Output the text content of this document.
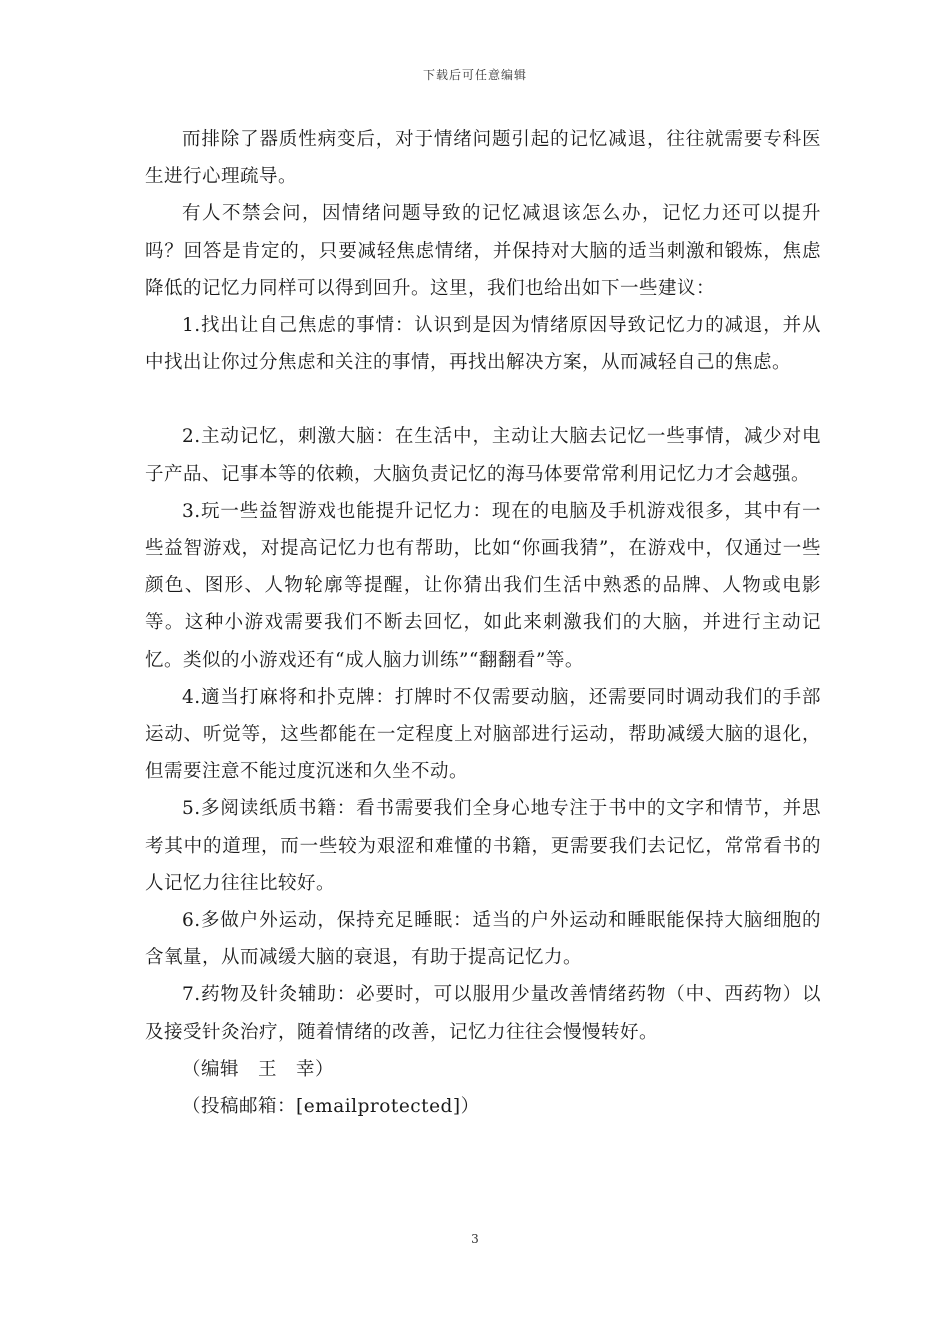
下载后可任意编辑

而排除了器质性病变后，对于情绪问题引起的记忆减退，往往就需要专科医生进行心理疏导。

有人不禁会问，因情绪问题导致的记忆减退该怎么办，记忆力还可以提升吗？回答是肯定的，只要减轻焦虑情绪，并保持对大脑的适当刺激和锻炼，焦虑降低的记忆力同样可以得到回升。这里，我们也给出如下一些建议：

1.找出让自己焦虑的事情：认识到是因为情绪原因导致记忆力的减退，并从中找出让你过分焦虑和关注的事情，再找出解决方案，从而减轻自己的焦虑。

2.主动记忆，刺激大脑：在生活中，主动让大脑去记忆一些事情，减少对电子产品、记事本等的依赖，大脑负责记忆的海马体要常常利用记忆力才会越强。

3.玩一些益智游戏也能提升记忆力：现在的电脑及手机游戏很多，其中有一些益智游戏，对提高记忆力也有帮助，比如“你画我猜”，在游戏中，仅通过一些颜色、图形、人物轮廓等提醒，让你猜出我们生活中熟悉的品牌、人物或电影等。这种小游戏需要我们不断去回忆，如此来刺激我们的大脑，并进行主动记忆。类似的小游戏还有“成人脑力训练”“翻翻看”等。

4.適当打麻将和扑克牌：打牌时不仅需要动脑，还需要同时调动我们的手部运动、听觉等，这些都能在一定程度上对脑部进行运动，帮助减缓大脑的退化，但需要注意不能过度沉迷和久坐不动。

5.多阅读纸质书籍：看书需要我们全身心地专注于书中的文字和情节，并思考其中的道理，而一些较为艰涩和难懂的书籍，更需要我们去记忆，常常看书的人记忆力往往比较好。

6.多做户外运动，保持充足睡眠：适当的户外运动和睡眠能保持大脑细胞的含氧量，从而减缓大脑的衰退，有助于提高记忆力。

7.药物及针灸辅助：必要时，可以服用少量改善情绪药物（中、西药物）以及接受针灸治疗，随着情绪的改善，记忆力往往会慢慢转好。

（编辑　王　幸）

（投稿邮箱：[emailprotected]）

3
